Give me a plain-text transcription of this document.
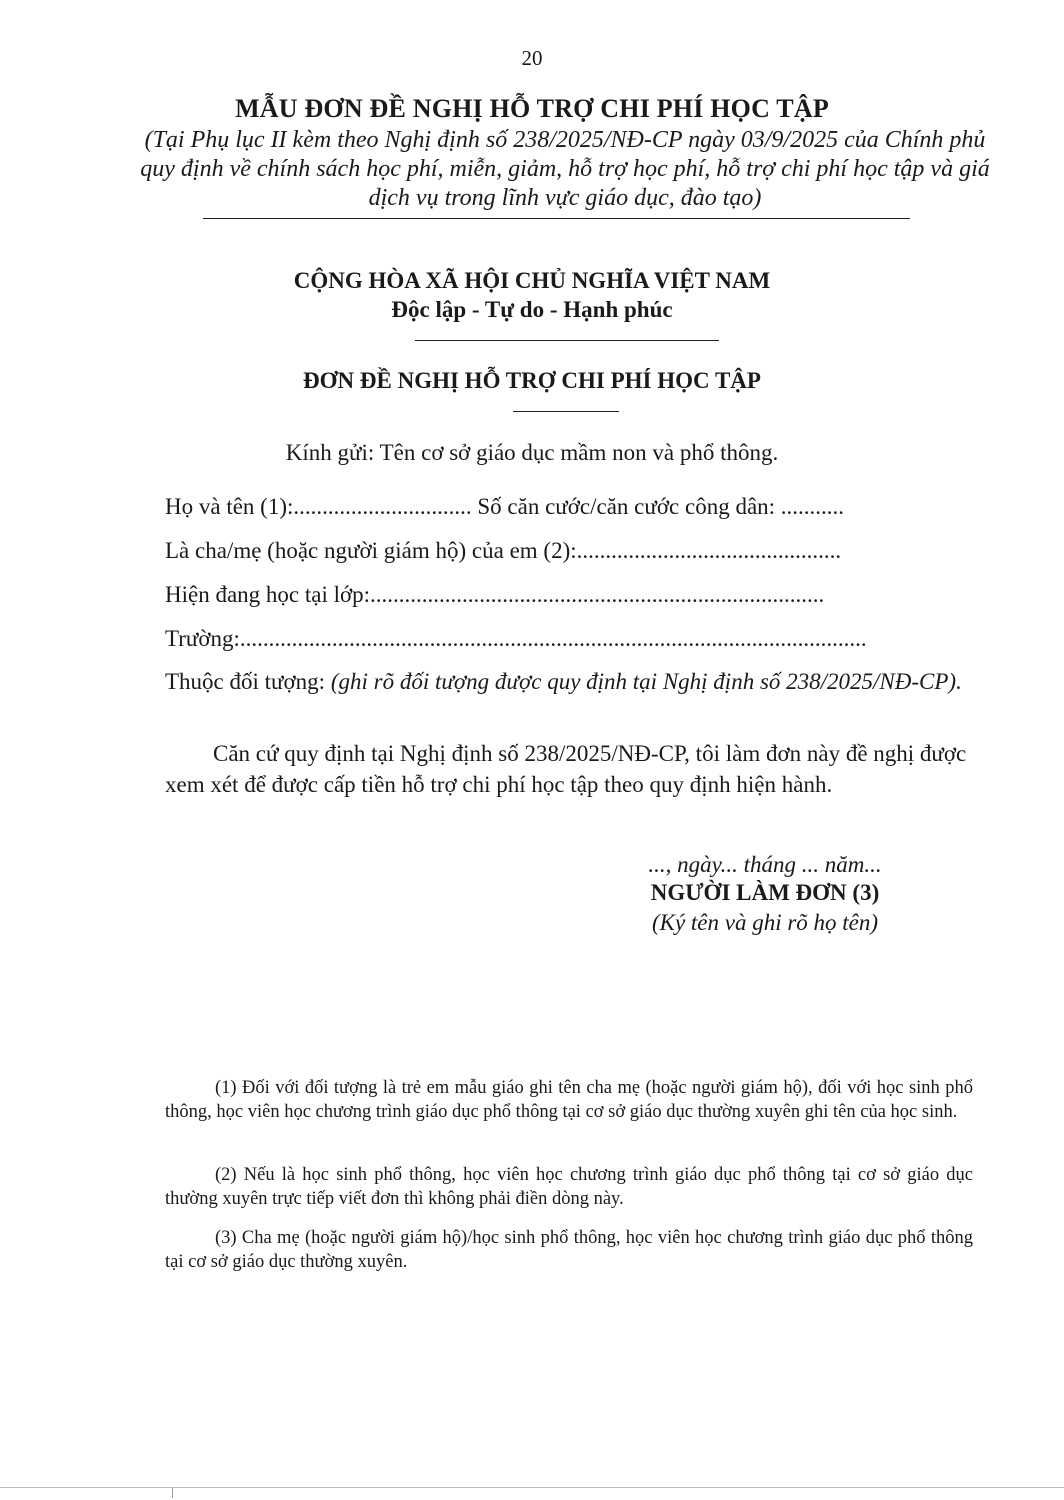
20
MẪU ĐƠN ĐỀ NGHỊ HỖ TRỢ CHI PHÍ HỌC TẬP
(Tại Phụ lục II kèm theo Nghị định số 238/2025/NĐ-CP ngày 03/9/2025 của Chính phủ quy định về chính sách học phí, miễn, giảm, hỗ trợ học phí, hỗ trợ chi phí học tập và giá dịch vụ trong lĩnh vực giáo dục, đào tạo)
CỘNG HÒA XÃ HỘI CHỦ NGHĨA VIỆT NAM
Độc lập - Tự do - Hạnh phúc
ĐƠN ĐỀ NGHỊ HỖ TRỢ CHI PHÍ HỌC TẬP
Kính gửi: Tên cơ sở giáo dục mầm non và phổ thông.
Họ và tên (1):............................... Số căn cước/căn cước công dân: ...........
Là cha/mẹ (hoặc người giám hộ) của em (2):..............................................
Hiện đang học tại lớp:...............................................................................
Trường:.............................................................................................................
Thuộc đối tượng: (ghi rõ đối tượng được quy định tại Nghị định số 238/2025/NĐ-CP).
Căn cứ quy định tại Nghị định số 238/2025/NĐ-CP, tôi làm đơn này đề nghị được xem xét để được cấp tiền hỗ trợ chi phí học tập theo quy định hiện hành.
..., ngày... tháng ... năm...
NGƯỜI LÀM ĐƠN (3)
(Ký tên và ghi rõ họ tên)
(1) Đối với đối tượng là trẻ em mẫu giáo ghi tên cha mẹ (hoặc người giám hộ), đối với học sinh phổ thông, học viên học chương trình giáo dục phổ thông tại cơ sở giáo dục thường xuyên ghi tên của học sinh.
(2) Nếu là học sinh phổ thông, học viên học chương trình giáo dục phổ thông tại cơ sở giáo dục thường xuyên trực tiếp viết đơn thì không phải điền dòng này.
(3) Cha mẹ (hoặc người giám hộ)/học sinh phổ thông, học viên học chương trình giáo dục phổ thông tại cơ sở giáo dục thường xuyên.
